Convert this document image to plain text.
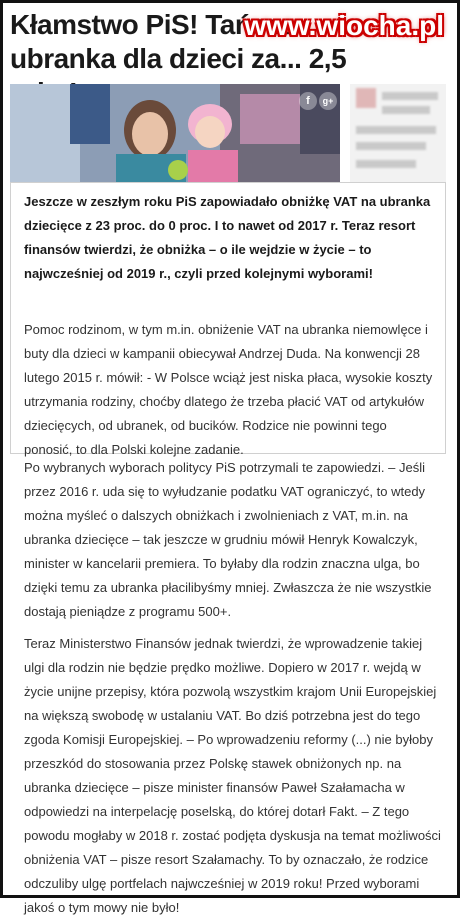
Kłamstwo PiS! Tańsze ubranka dla dzieci za... 2,5
www.wiocha.pl
f	g+
Jeszcze w zeszłym roku PiS zapowiadało obniżkę VAT na ubranka dziecięce z 23 proc. do 0 proc. I to nawet od 2017 r. Teraz resort finansów twierdzi, że obniżka – o ile wejdzie w życie – to najwcześniej od 2019 r., czyli przed kolejnymi wyborami!
Pomoc rodzinom, w tym m.in. obniżenie VAT na ubranka niemowlęce i buty dla dzieci w kampanii obiecywał Andrzej Duda. Na konwencji 28 lutego 2015 r. mówił: - W Polsce wciąż jest niska płaca, wysokie koszty utrzymania rodziny, choćby dlatego że trzeba płacić VAT od artykułów dziecięcych, od ubranek, od bucików. Rodzice nie powinni tego ponosić, to dla Polski kolejne zadanie.
Po wybranych wyborach politycy PiS potrzymali te zapowiedzi. – Jeśli przez 2016 r. uda się to wyłudzanie podatku VAT ograniczyć, to wtedy można myśleć o dalszych obniżkach i zwolnieniach z VAT, m.in. na ubranka dziecięce – tak jeszcze w grudniu mówił Henryk Kowalczyk, minister w kancelarii premiera. To byłaby dla rodzin znaczna ulga, bo dzięki temu za ubranka płacilibyśmy mniej. Zwłaszcza że nie wszystkie dostają pieniądze z programu 500+.
Teraz Ministerstwo Finansów jednak twierdzi, że wprowadzenie takiej ulgi dla rodzin nie będzie prędko możliwe. Dopiero w 2017 r. wejdą w życie unijne przepisy, która pozwolą wszystkim krajom Unii Europejskiej na większą swobodę w ustalaniu VAT. Bo dziś potrzebna jest do tego zgoda Komisji Europejskiej. – Po wprowadzeniu reformy (...) nie byłoby przeszkód do stosowania przez Polskę stawek obniżonych np. na ubranka dziecięce – pisze minister finansów Paweł Szałamacha w odpowiedzi na interpelację poselską, do której dotarł Fakt. – Z tego powodu mogłaby w 2018 r. zostać podjęta dyskusja na temat możliwości obniżenia VAT – pisze resort Szałamachy. To by oznaczało, że rodzice odczuliby ulgę portfelach najwcześniej w 2019 roku! Przed wyborami jakoś o tym mowy nie było!
